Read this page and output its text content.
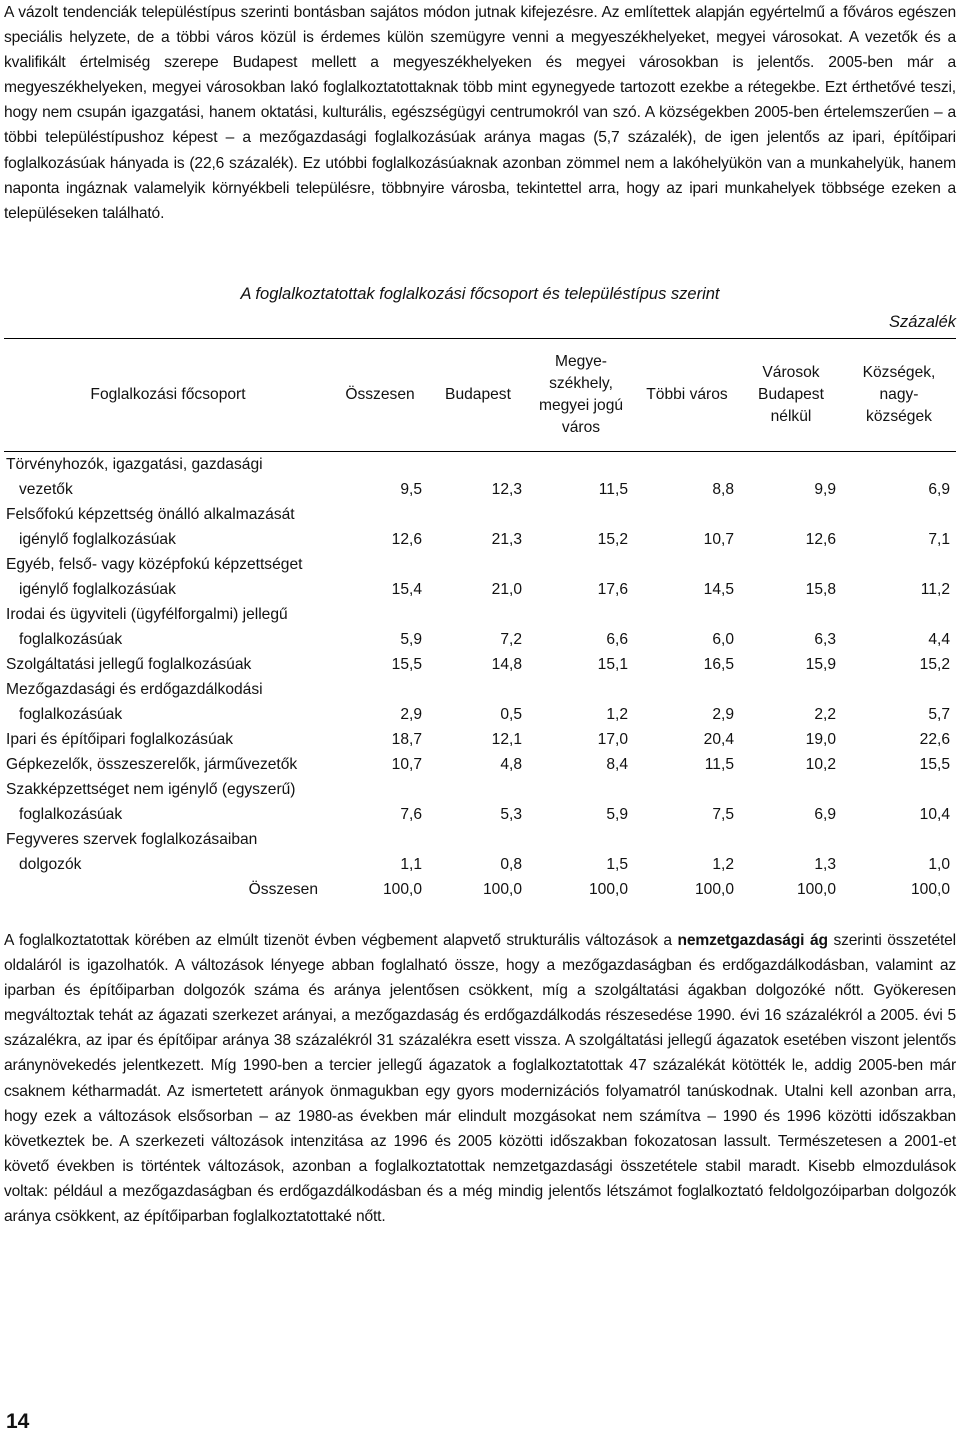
A vázolt tendenciák településtípus szerinti bontásban sajátos módon jutnak kifejezésre. Az említettek alapján egyértelmű a főváros egészen speciális helyzete, de a többi város közül is érdemes külön szemügyre venni a megyeszékhelyeket, megyei városokat. A vezetők és a kvalifikált értelmiség szerepe Budapest mellett a megyeszékhelyeken és megyei városokban is jelentős. 2005-ben már a megyeszékhelyeken, megyei városokban lakó foglalkoztatottaknak több mint egynegyede tartozott ezekbe a rétegekbe. Ezt érthetővé teszi, hogy nem csupán igazgatási, hanem oktatási, kulturális, egészségügyi centrumokról van szó. A községekben 2005-ben értelemszerűen – a többi településtípushoz képest – a mezőgazdasági foglalkozásúak aránya magas (5,7 százalék), de igen jelentős az ipari, építőipari foglalkozásúak hányada is (22,6 százalék). Ez utóbbi foglalkozásúaknak azonban zömmel nem a lakóhelyükön van a munkahelyük, hanem naponta ingáznak valamelyik környékbeli településre, többnyire városba, tekintettel arra, hogy az ipari munkahelyek többsége ezeken a településeken található.

A foglalkoztatottak foglalkozási főcsoport és településtípus szerint

Százalék
Foglalkozási főcsoport	Összesen	Budapest	Megye-
székhely,
megyei jogú
város	Többi város	Városok
Budapest
nélkül	Községek,
nagy-
községek

Törvényhozók, igazgatási, gazdasági
vezetők	9,5	12,3	11,5	8,8	9,9	6,9

Felsőfokú képzettség önálló alkalmazását
igénylő foglalkozásúak	12,6	21,3	15,2	10,7	12,6	7,1

Egyéb, felső- vagy középfokú képzettséget
igénylő foglalkozásúak	15,4	21,0	17,6	14,5	15,8	11,2

Irodai és ügyviteli (ügyfélforgalmi) jellegű
foglalkozásúak	5,9	7,2	6,6	6,0	6,3	4,4

Szolgáltatási jellegű foglalkozásúak	15,5	14,8	15,1	16,5	15,9	15,2

Mezőgazdasági és erdőgazdálkodási
foglalkozásúak	2,9	0,5	1,2	2,9	2,2	5,7

Ipari és építőipari foglalkozásúak	18,7	12,1	17,0	20,4	19,0	22,6

Gépkezelők, összeszerelők, járművezetők	10,7	4,8	8,4	11,5	10,2	15,5

Szakképzettséget nem igénylő (egyszerű)
foglalkozásúak	7,6	5,3	5,9	7,5	6,9	10,4

Fegyveres szervek foglalkozásaiban
dolgozók	1,1	0,8	1,5	1,2	1,3	1,0
Összesen	100,0	100,0	100,0	100,0	100,0	100,0

A foglalkoztatottak körében az elmúlt tizenöt évben végbement alapvető strukturális változások a nemzetgazdasági ág szerinti összetétel oldaláról is igazolhatók. A változások lényege abban foglalható össze, hogy a mezőgazdaságban és erdőgazdálkodásban, valamint az iparban és építőiparban dolgozók száma és aránya jelentősen csökkent, míg a szolgáltatási ágakban dolgozóké nőtt. Gyökeresen megváltoztak tehát az ágazati szerkezet arányai, a mezőgazdaság és erdőgazdálkodás részesedése 1990. évi 16 százalékról a 2005. évi 5 százalékra, az ipar és építőipar aránya 38 százalékról 31 százalékra esett vissza. A szolgáltatási jellegű ágazatok esetében viszont jelentős aránynövekedés jelentkezett. Míg 1990-ben a tercier jellegű ágazatok a foglalkoztatottak 47 százalékát kötötték le, addig 2005-ben már csaknem kétharmadát. Az ismertetett arányok önmagukban egy gyors modernizációs folyamatról tanúskodnak. Utalni kell azonban arra, hogy ezek a változások elsősorban – az 1980-as években már elindult mozgásokat nem számítva – 1990 és 1996 közötti időszakban következtek be. A szerkezeti változások intenzitása az 1996 és 2005 közötti időszakban fokozatosan lassult. Természetesen a 2001-et követő években is történtek változások, azonban a foglalkoztatottak nemzetgazdasági összetétele stabil maradt. Kisebb elmozdulások voltak: például a mezőgazdaságban és erdőgazdálkodásban és a még mindig jelentős létszámot foglalkoztató feldolgozóiparban dolgozók aránya csökkent, az építőiparban foglalkoztatottaké nőtt.

14
